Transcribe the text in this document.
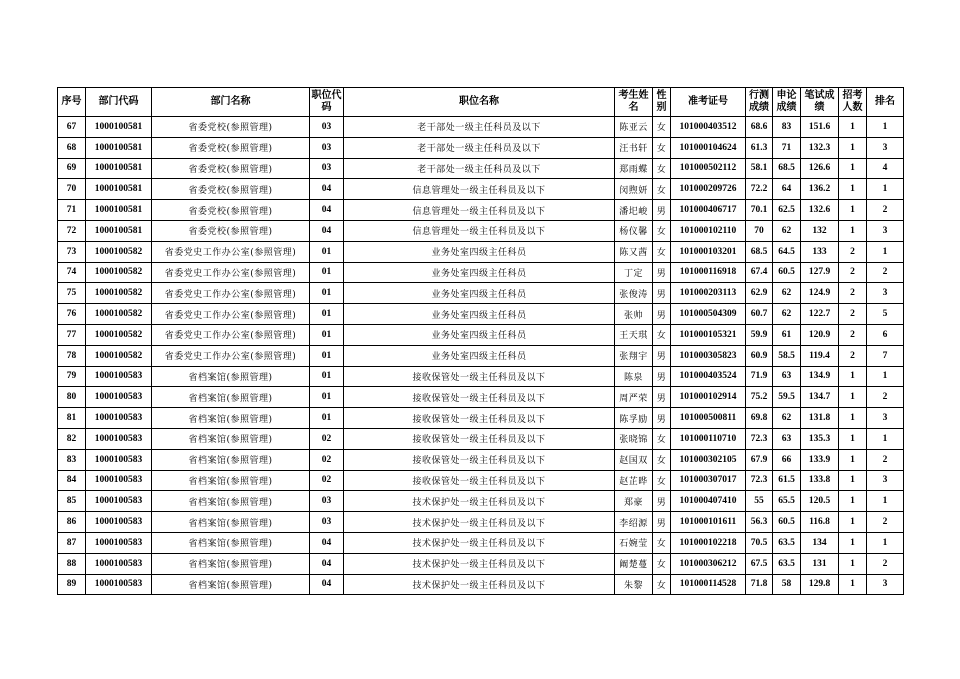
序号	部门代码	部门名称	职位代码	职位名称	考生姓名	性别	准考证号	行测成绩	申论成绩	笔试成绩	招考人数	排名
67	1000100581	省委党校(参照管理)	03	老干部处一级主任科员及以下	陈亚云	女	101000403512	68.6	83	151.6	1	1
68	1000100581	省委党校(参照管理)	03	老干部处一级主任科员及以下	汪书轩	女	101000104624	61.3	71	132.3	1	3
69	1000100581	省委党校(参照管理)	03	老干部处一级主任科员及以下	郑雨蝶	女	101000502112	58.1	68.5	126.6	1	4
70	1000100581	省委党校(参照管理)	04	信息管理处一级主任科员及以下	闵煦妍	女	101000209726	72.2	64	136.2	1	1
71	1000100581	省委党校(参照管理)	04	信息管理处一级主任科员及以下	潘圯峻	男	101000406717	70.1	62.5	132.6	1	2
72	1000100581	省委党校(参照管理)	04	信息管理处一级主任科员及以下	杨仪馨	女	101000102110	70	62	132	1	3
73	1000100582	省委党史工作办公室(参照管理)	01	业务处室四级主任科员	陈又莤	女	101000103201	68.5	64.5	133	2	1
74	1000100582	省委党史工作办公室(参照管理)	01	业务处室四级主任科员	丁定	男	101000116918	67.4	60.5	127.9	2	2
75	1000100582	省委党史工作办公室(参照管理)	01	业务处室四级主任科员	张俊涛	男	101000203113	62.9	62	124.9	2	3
76	1000100582	省委党史工作办公室(参照管理)	01	业务处室四级主任科员	张帅	男	101000504309	60.7	62	122.7	2	5
77	1000100582	省委党史工作办公室(参照管理)	01	业务处室四级主任科员	王天琪	女	101000105321	59.9	61	120.9	2	6
78	1000100582	省委党史工作办公室(参照管理)	01	业务处室四级主任科员	张翔宇	男	101000305823	60.9	58.5	119.4	2	7
79	1000100583	省档案馆(参照管理)	01	接收保管处一级主任科员及以下	陈泉	男	101000403524	71.9	63	134.9	1	1
80	1000100583	省档案馆(参照管理)	01	接收保管处一级主任科员及以下	周严荣	男	101000102914	75.2	59.5	134.7	1	2
81	1000100583	省档案馆(参照管理)	01	接收保管处一级主任科员及以下	陈孚励	男	101000500811	69.8	62	131.8	1	3
82	1000100583	省档案馆(参照管理)	02	接收保管处一级主任科员及以下	张晓锦	女	101000110710	72.3	63	135.3	1	1
83	1000100583	省档案馆(参照管理)	02	接收保管处一级主任科员及以下	赵国双	女	101000302105	67.9	66	133.9	1	2
84	1000100583	省档案馆(参照管理)	02	接收保管处一级主任科员及以下	赵芷晔	女	101000307017	72.3	61.5	133.8	1	3
85	1000100583	省档案馆(参照管理)	03	技术保护处一级主任科员及以下	郑豪	男	101000407410	55	65.5	120.5	1	1
86	1000100583	省档案馆(参照管理)	03	技术保护处一级主任科员及以下	李绍源	男	101000101611	56.3	60.5	116.8	1	2
87	1000100583	省档案馆(参照管理)	04	技术保护处一级主任科员及以下	石婉莹	女	101000102218	70.5	63.5	134	1	1
88	1000100583	省档案馆(参照管理)	04	技术保护处一级主任科员及以下	阚楚蔓	女	101000306212	67.5	63.5	131	1	2
89	1000100583	省档案馆(参照管理)	04	技术保护处一级主任科员及以下	朱黎	女	101000114528	71.8	58	129.8	1	3
